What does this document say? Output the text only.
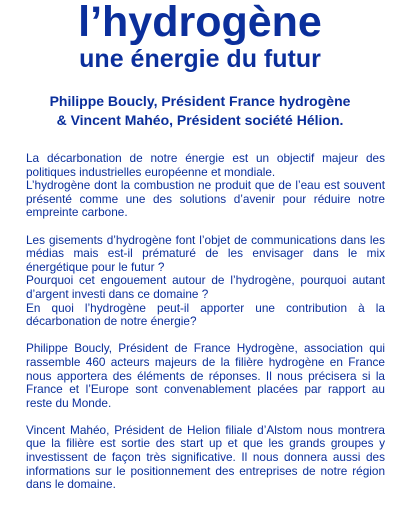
l’hydrogène
une énergie du futur
Philippe Boucly, Président France hydrogène
& Vincent Mahéo, Président société Hélion.

La décarbonation de notre énergie est un objectif majeur des politiques industrielles européenne et mondiale.
L’hydrogène dont la combustion ne produit que de l’eau est souvent présenté comme une des solutions d’avenir pour réduire notre empreinte carbone.

Les gisements d’hydrogène font l’objet de communications dans les médias mais est-il prématuré de les envisager dans le mix énergétique pour le futur ?
Pourquoi cet engouement autour de l’hydrogène, pourquoi autant d’argent investi dans ce domaine ?
En quoi l’hydrogène peut-il apporter une contribution à la décarbonation de notre énergie?

Philippe Boucly, Président de France Hydrogène, association qui rassemble 460 acteurs majeurs de la filière hydrogène en France nous apportera des éléments de réponses. Il nous précisera si la France et l’Europe sont convenablement placées par rapport au reste du Monde.

Vincent Mahéo, Président de Helion filiale d’Alstom nous montrera que la filière est sortie des start up et que les grands groupes y investissent de façon très significative. Il nous donnera aussi des informations sur le positionnement des entreprises de notre région dans le domaine.
